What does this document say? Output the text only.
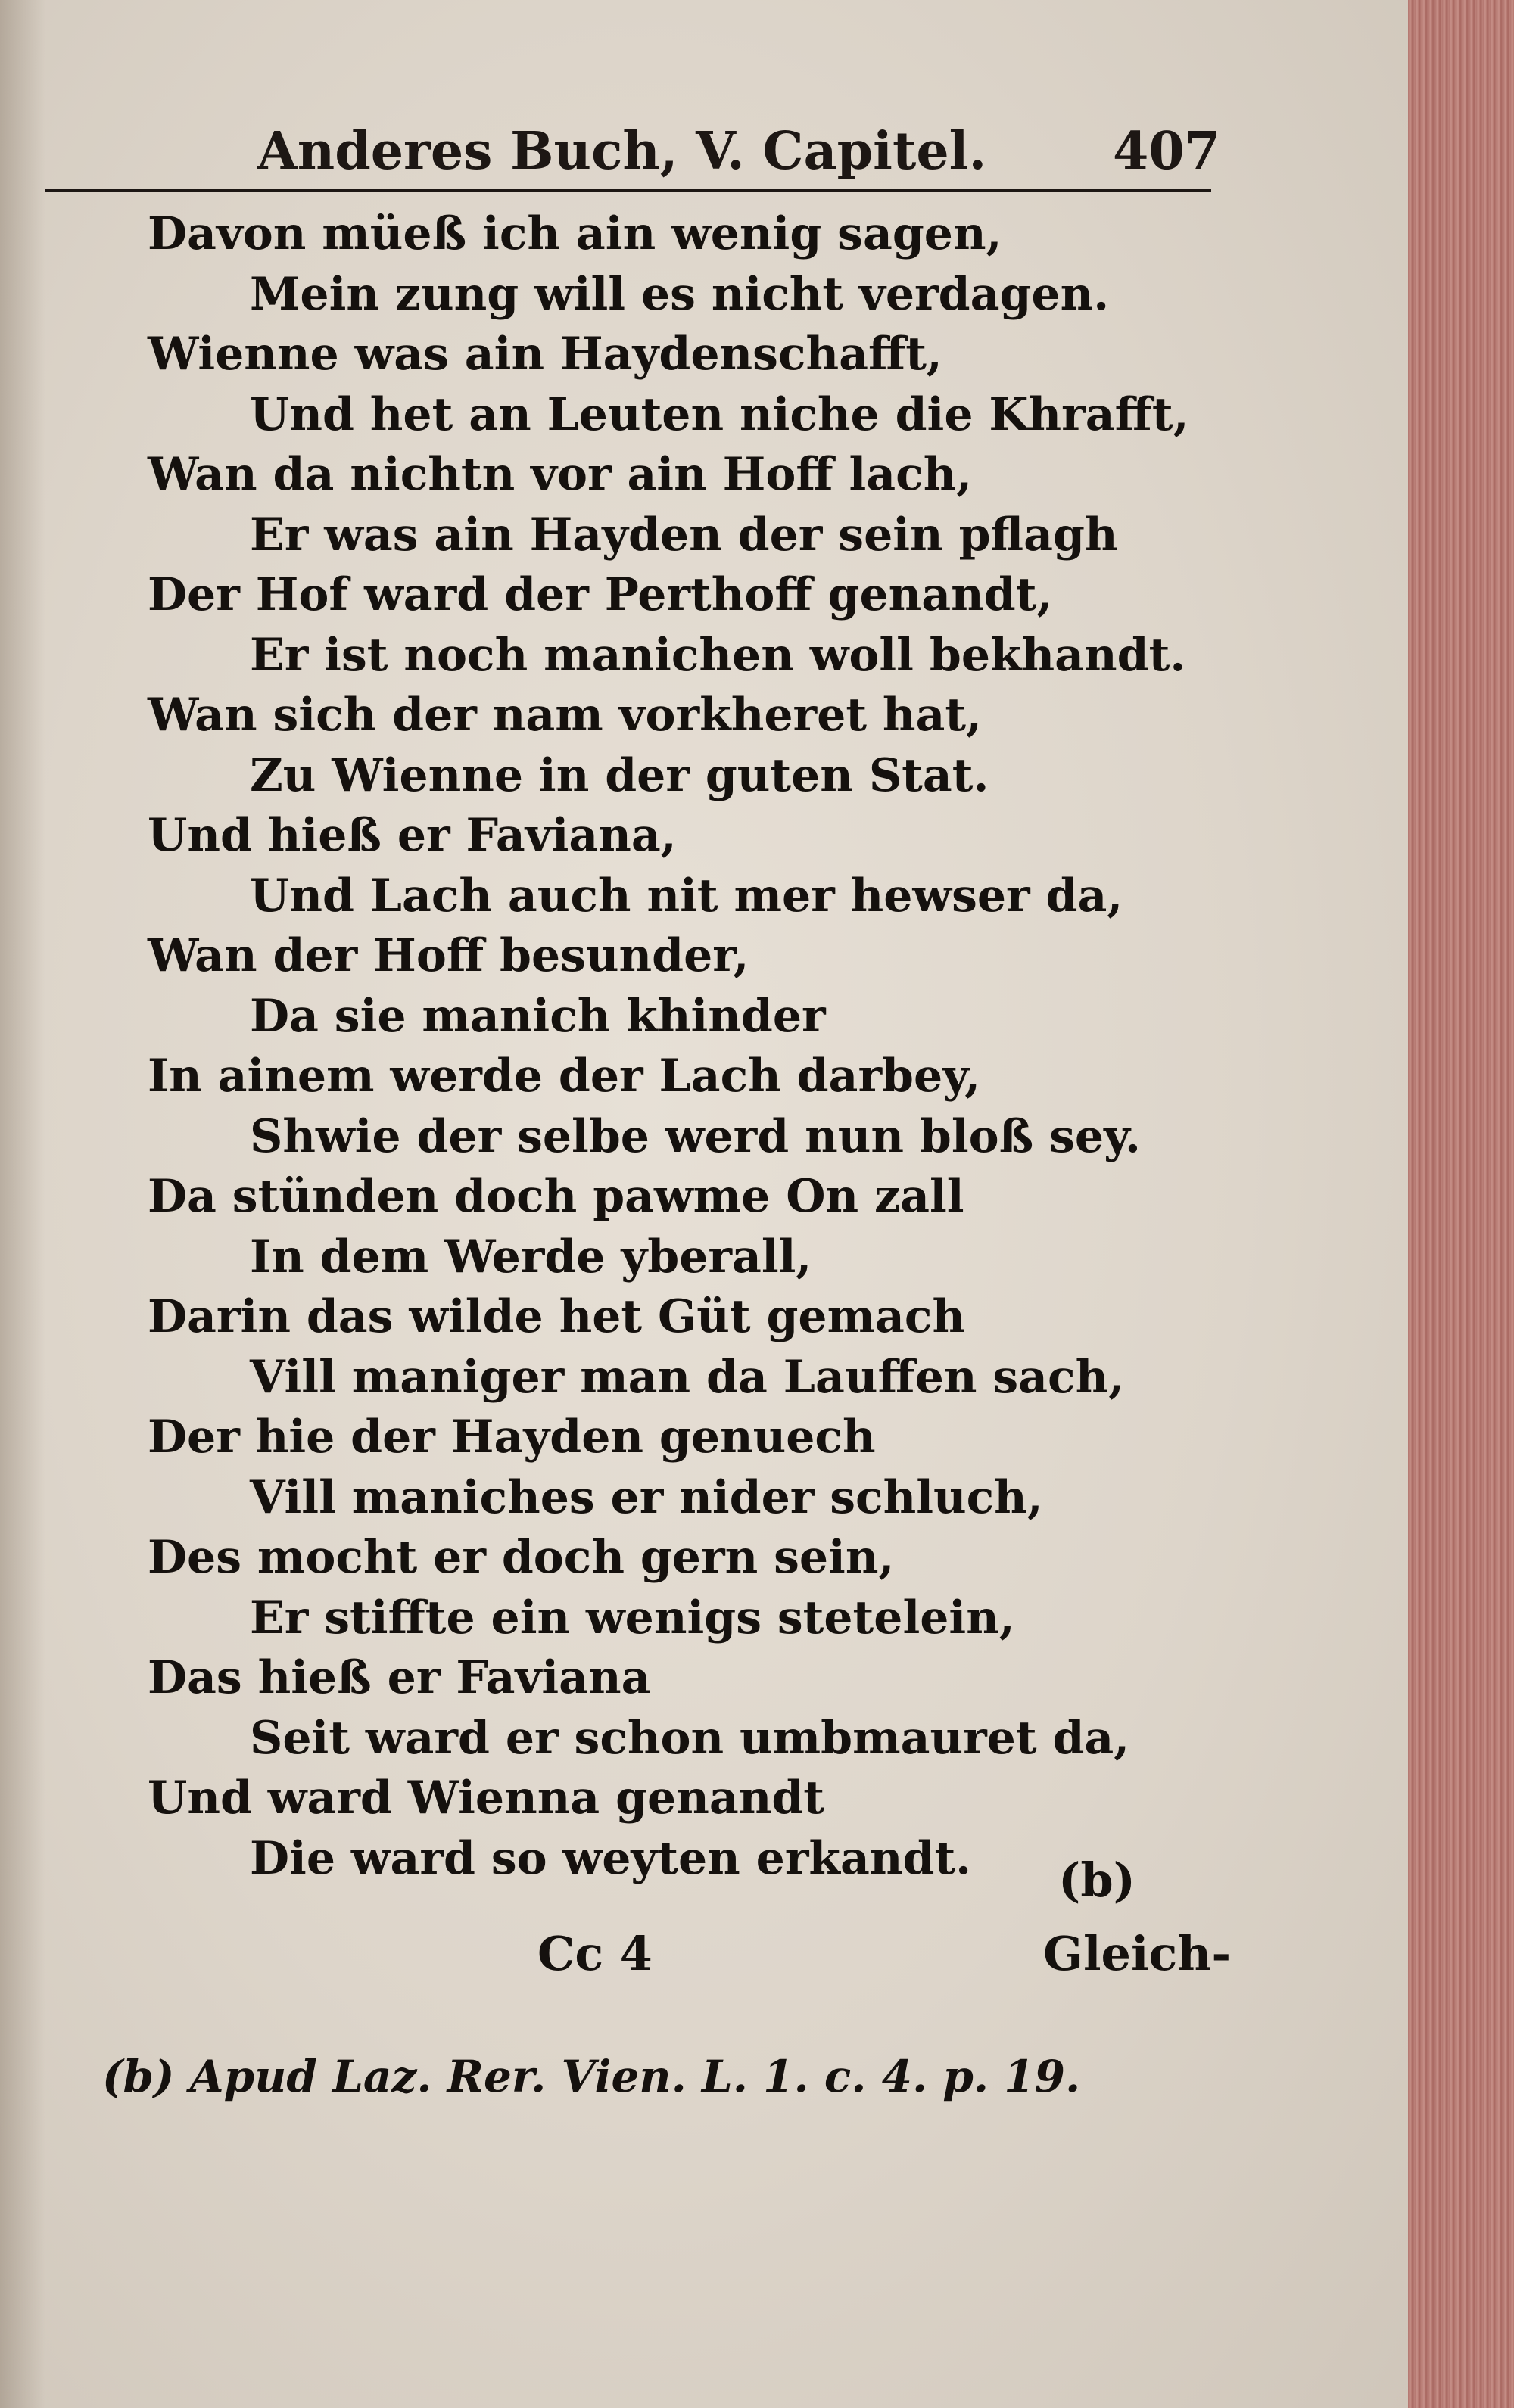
Anderes Buch, V. Capitel. 407
Davon müeß ich ain wenig sagen,
Mein zung will es nicht verdagen.
Wienne was ain Haydenschafft,
Und het an Leuten niche die Khrafft,
Wan da nichtn vor ain Hoff lach,
Er was ain Hayden der sein pflagh
Der Hof ward der Perthoff genandt,
Er ist noch manichen woll bekhandt.
Wan sich der nam vorkheret hat,
Zu Wienne in der guten Stat.
Und hieß er Faviana,
Und Lach auch nit mer hewser da,
Wan der Hoff besunder,
Da sie manich khinder
In ainem werde der Lach darbey,
Shwie der selbe werd nun bloß sey.
Da stünden doch pawme On zall
In dem Werde yberall,
Darin das wilde het Güt gemach
Vill maniger man da Lauffen sach,
Der hie der Hayden genuech
Vill maniches er nider schluch,
Des mocht er doch gern sein,
Er stiffte ein wenigs stetelein,
Das hieß er Faviana
Seit ward er schon umbmauret da,
Und ward Wienna genandt
Die ward so weyten erkandt.	(b)
Cc 4	Gleich-
(b) Apud Laz. Rer. Vien. L. 1. c. 4. p. 19.
